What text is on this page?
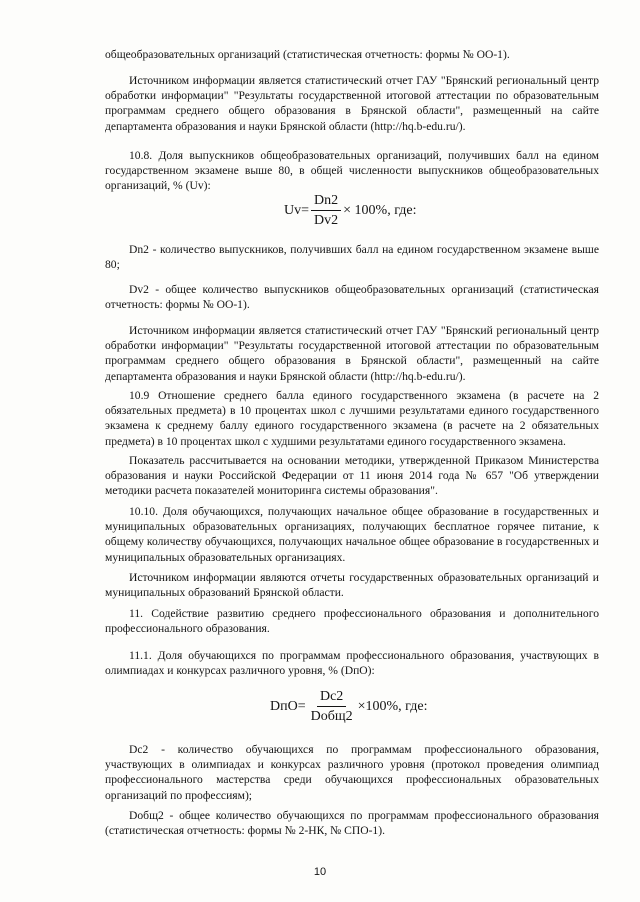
общеобразовательных организаций (статистическая отчетность: формы № ОО-1).

Источником информации является статистический отчет ГАУ "Брянский региональный центр обработки информации" "Результаты государственной итоговой аттестации по образовательным программам среднего общего образования в Брянской области", размещенный на сайте департамента образования и науки Брянской области (http://hq.b-edu.ru/).

10.8. Доля выпускников общеобразовательных организаций, получивших балл на едином государственном экзамене выше 80, в общей численности выпускников общеобразовательных организаций, % (Uv):

$Uv= \frac{Dn2}{Dv2} \times 100\%$, где:

Dn2 - количество выпускников, получивших балл на едином государственном экзамене выше 80;

Dv2 - общее количество выпускников общеобразовательных организаций (статистическая отчетность: формы № ОО-1).

Источником информации является статистический отчет ГАУ "Брянский региональный центр обработки информации" "Результаты государственной итоговой аттестации по образовательным программам среднего общего образования в Брянской области", размещенный на сайте департамента образования и науки Брянской области (http://hq.b-edu.ru/).

10.9 Отношение среднего балла единого государственного экзамена (в расчете на 2 обязательных предмета) в 10 процентах школ с лучшими результатами единого государственного экзамена к среднему баллу единого государственного экзамена (в расчете на 2 обязательных предмета) в 10 процентах школ с худшими результатами единого государственного экзамена.

Показатель рассчитывается на основании методики, утвержденной Приказом Министерства образования и науки Российской Федерации от 11 июня 2014 года № 657 "Об утверждении методики расчета показателей мониторинга системы образования".

10.10. Доля обучающихся, получающих начальное общее образование в государственных и муниципальных образовательных организациях, получающих бесплатное горячее питание, к общему количеству обучающихся, получающих начальное общее образование в государственных и муниципальных образовательных организациях.

Источником информации являются отчеты государственных образовательных организаций и муниципальных образований Брянской области.

11. Содействие развитию среднего профессионального образования и дополнительного профессионального образования.

11.1. Доля обучающихся по программам профессионального образования, участвующих в олимпиадах и конкурсах различного уровня, % (DпО):

$DпО= \frac{Dc2}{\text{Dобщ2}} \times 100\%$, где:

Dc2 - количество обучающихся по программам профессионального образования, участвующих в олимпиадах и конкурсах различного уровня (протокол проведения олимпиад профессионального мастерства среди обучающихся профессиональных образовательных организаций по профессиям);

Dобщ2 - общее количество обучающихся по программам профессионального образования (статистическая отчетность: формы № 2-НК, № СПО-1).

10
